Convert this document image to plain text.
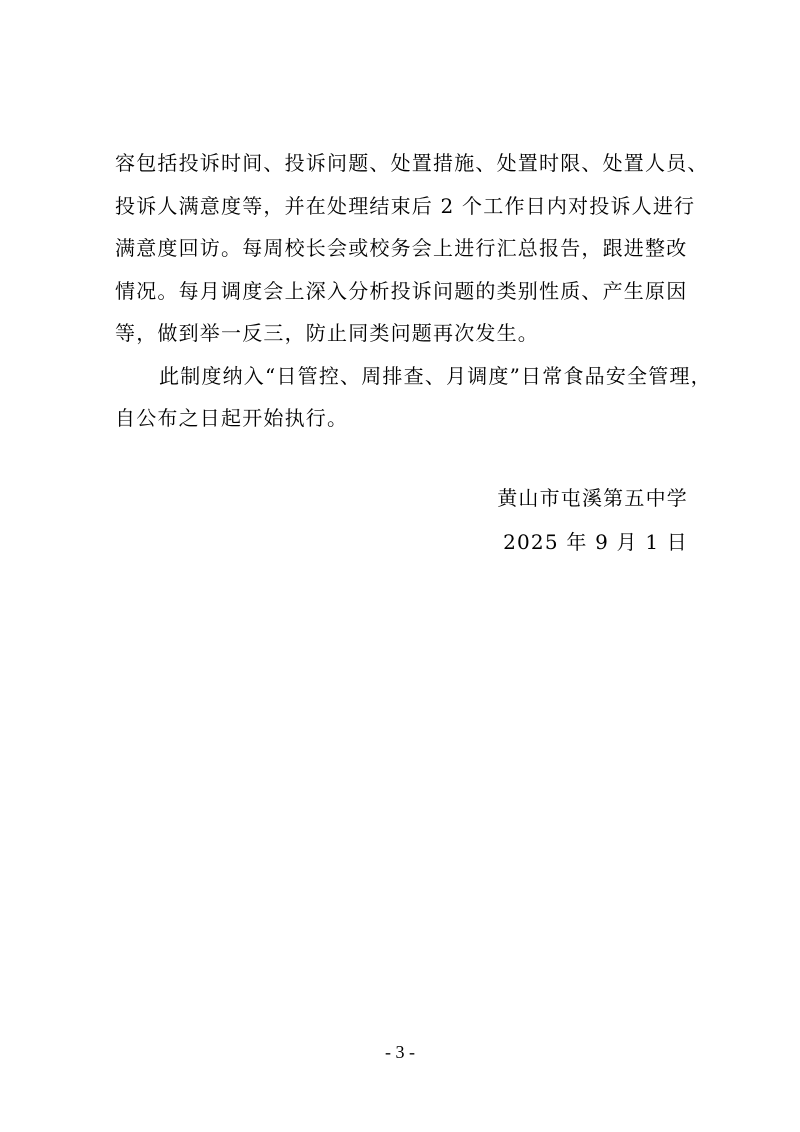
容包括投诉时间、投诉问题、处置措施、处置时限、处置人员、
投诉人满意度等，并在处理结束后 2 个工作日内对投诉人进行
满意度回访。每周校长会或校务会上进行汇总报告，跟进整改
情况。每月调度会上深入分析投诉问题的类别性质、产生原因
等，做到举一反三，防止同类问题再次发生。
此制度纳入“日管控、周排查、月调度”日常食品安全管理，
自公布之日起开始执行。
黄山市屯溪第五中学
2025 年 9 月 1 日
- 3 -
